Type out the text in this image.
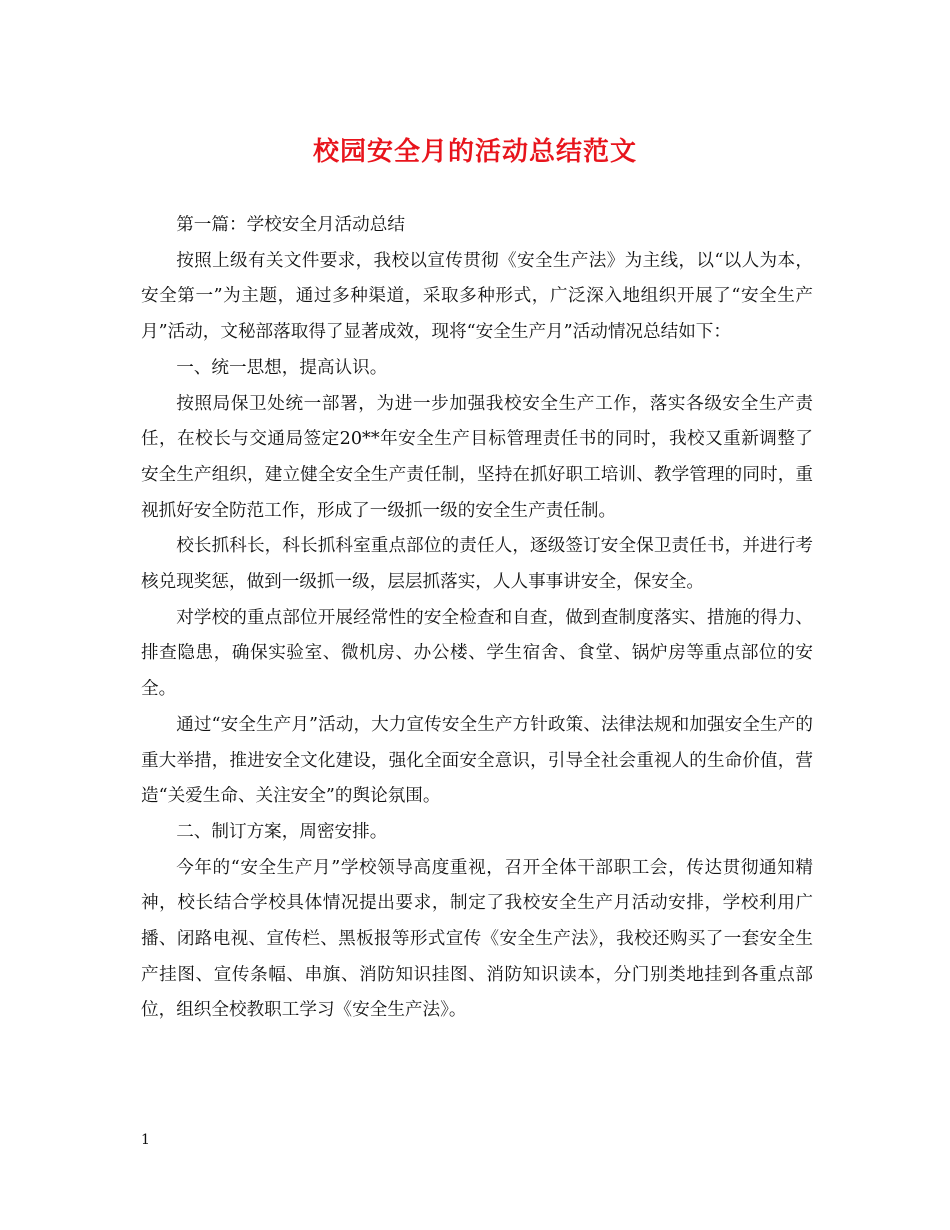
校园安全月的活动总结范文

第一篇：学校安全月活动总结

按照上级有关文件要求，我校以宣传贯彻《安全生产法》为主线，以“以人为本，安全第一”为主题，通过多种渠道，采取多种形式，广泛深入地组织开展了“安全生产月”活动，文秘部落取得了显著成效，现将“安全生产月”活动情况总结如下：

一、统一思想，提高认识。

按照局保卫处统一部署，为进一步加强我校安全生产工作，落实各级安全生产责任，在校长与交通局签定20**年安全生产目标管理责任书的同时，我校又重新调整了安全生产组织，建立健全安全生产责任制，坚持在抓好职工培训、教学管理的同时，重视抓好安全防范工作，形成了一级抓一级的安全生产责任制。

校长抓科长，科长抓科室重点部位的责任人，逐级签订安全保卫责任书，并进行考核兑现奖惩，做到一级抓一级，层层抓落实，人人事事讲安全，保安全。

对学校的重点部位开展经常性的安全检查和自查，做到查制度落实、措施的得力、排查隐患，确保实验室、微机房、办公楼、学生宿舍、食堂、锅炉房等重点部位的安全。

通过“安全生产月”活动，大力宣传安全生产方针政策、法律法规和加强安全生产的重大举措，推进安全文化建设，强化全面安全意识，引导全社会重视人的生命价值，营造“关爱生命、关注安全”的舆论氛围。

二、制订方案，周密安排。

今年的“安全生产月”学校领导高度重视，召开全体干部职工会，传达贯彻通知精神，校长结合学校具体情况提出要求，制定了我校安全生产月活动安排，学校利用广播、闭路电视、宣传栏、黑板报等形式宣传《安全生产法》，我校还购买了一套安全生产挂图、宣传条幅、串旗、消防知识挂图、消防知识读本，分门别类地挂到各重点部位，组织全校教职工学习《安全生产法》。

1
